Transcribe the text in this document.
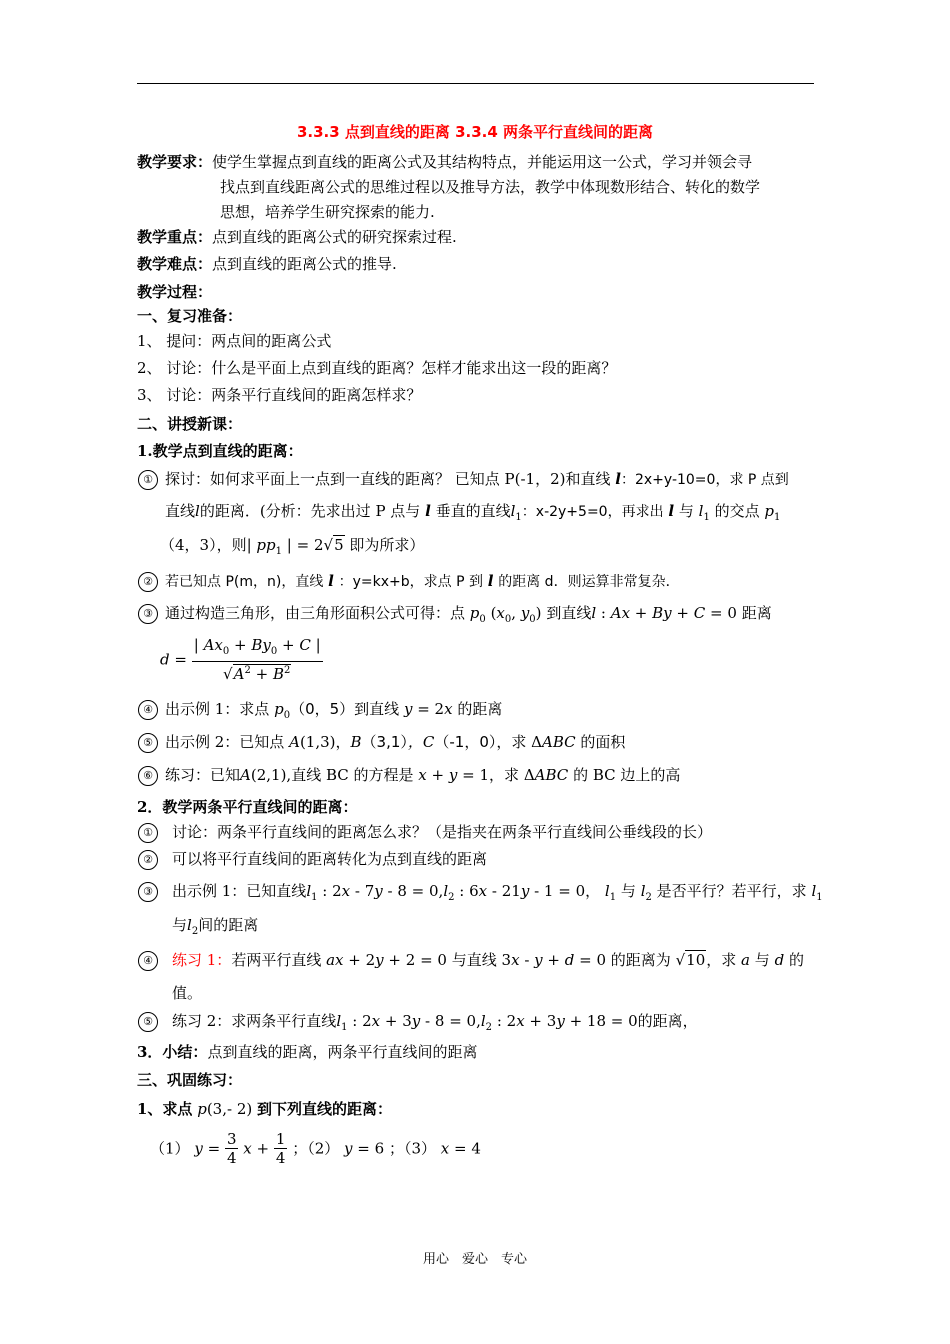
3.3.3 点到直线的距离 3.3.4 两条平行直线间的距离
教学要求：使学生掌握点到直线的距离公式及其结构特点，并能运用这一公式，学习并领会寻
找点到直线距离公式的思维过程以及推导方法，教学中体现数形结合、转化的数学
思想，培养学生研究探索的能力.
教学重点：点到直线的距离公式的研究探索过程.
教学难点：点到直线的距离公式的推导.
教学过程：
一、复习准备：
1、 提问：两点间的距离公式
2、 讨论：什么是平面上点到直线的距离？怎样才能求出这一段的距离？
3、 讨论：两条平行直线间的距离怎样求？
二、讲授新课：
1.教学点到直线的距离：
① 探讨：如何求平面上一点到一直线的距离？ 已知点 P(-1，2)和直线 l：2x+y-10=0，求 P 点到
直线l的距离．(分析：先求出过 P 点与 l 垂直的直线$l_1$：x-2y+5=0，再求出 l 与 $l_1$ 的交点 $p_1$
（4，3），则| $pp_1$ | = 2√5 即为所求）
② 若已知点 P(m，n)，直线 l ：y=kx+b，求点 P 到 l 的距离 d．则运算非常复杂．
③ 通过构造三角形，由三角形面积公式可得：点 $p_0$ ($x_0$, $y_0$) 到直线l : Ax + By + C = 0 距离
$d = \frac{| Ax_0 + By_0 + C |}{√A^2 + B^2}$
④ 出示例 1：求点 $p_0(0$，5）到直线 y = 2x 的距离
⑤ 出示例 2：已知点 A(1,3)，B（3,1），C（-1，0），求 ΔABC 的面积
⑥ 练习：已知A(2,1),直线 BC 的方程是 x + y = 1，求 ΔABC 的 BC 边上的高
2．教学两条平行直线间的距离：
①	讨论：两条平行直线间的距离怎么求？（是指夹在两条平行直线间公垂线段的长）
②	可以将平行直线间的距离转化为点到直线的距离
③	出示例 1：已知直线$l_1$ : $2x - 7y - 8 = 0,l_2$ : 6x - 21y - 1 = 0， $l_1$ 与 $l_2$ 是否平行？若平行，求 $l_1$
与$l_2$间的距离
④	练习 1：若两平行直线 ax + 2y + 2 = 0 与直线 3x - y + d = 0 的距离为 √10，求 a 与 d 的
值。
⑤	练习 2：求两条平行直线$l_1$ : $2x + 3y - 8 = 0,l_2$ : 2x + 3y + 18 = 0的距离，
3．小结：点到直线的距离，两条平行直线间的距离
三、巩固练习：
1、求点 p(3,- 2) 到下列直线的距离：
（1） $y = \frac{3}{4}$ $x + \frac{1}{4}$ ；（2） y = 6 ；（3） x = 4
用心　爱心　专心
